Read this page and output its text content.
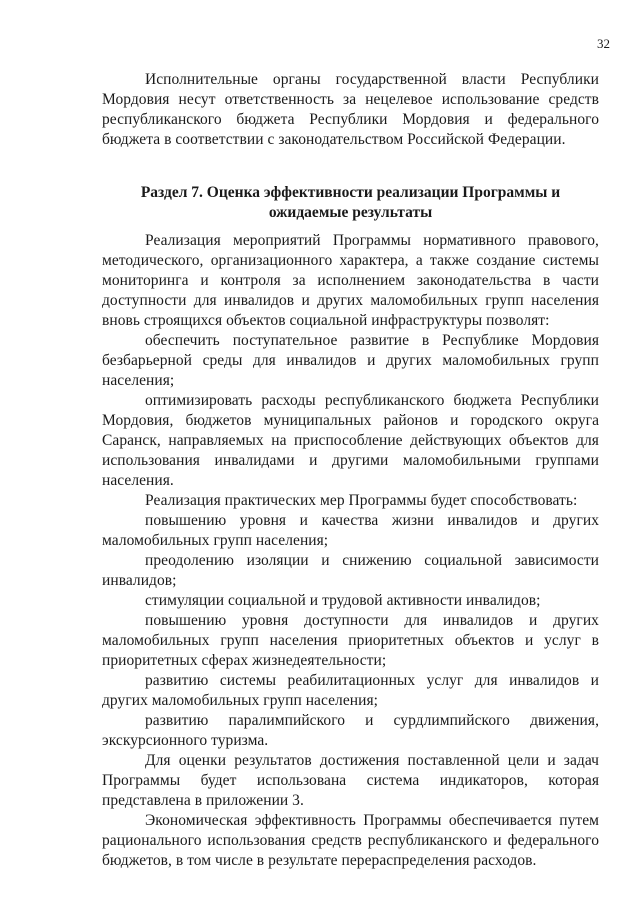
32
Исполнительные органы государственной власти Республики Мордовия несут ответственность за нецелевое использование средств республиканского бюджета Республики Мордовия и федерального бюджета в соответствии с законодательством Российской Федерации.
Раздел 7. Оценка эффективности реализации Программы и
ожидаемые результаты
Реализация мероприятий Программы нормативного правового, методического, организационного характера, а также создание системы мониторинга и контроля за исполнением законодательства в части доступности для инвалидов и других маломобильных групп населения вновь строящихся объектов социальной инфраструктуры позволят:
обеспечить поступательное развитие в Республике Мордовия безбарьерной среды для инвалидов и других маломобильных групп населения;
оптимизировать расходы республиканского бюджета Республики Мордовия, бюджетов муниципальных районов и городского округа Саранск, направляемых на приспособление действующих объектов для использования инвалидами и другими маломобильными группами населения.
Реализация практических мер Программы будет способствовать:
повышению уровня и качества жизни инвалидов и других маломобильных групп населения;
преодолению изоляции и снижению социальной зависимости инвалидов;
стимуляции социальной и трудовой активности инвалидов;
повышению уровня доступности для инвалидов и других маломобильных групп населения приоритетных объектов и услуг в приоритетных сферах жизнедеятельности;
развитию системы реабилитационных услуг для инвалидов и других маломобильных групп населения;
развитию паралимпийского и сурдлимпийского движения, экскурсионного туризма.
Для оценки результатов достижения поставленной цели и задач Программы будет использована система индикаторов, которая представлена в приложении 3.
Экономическая эффективность Программы обеспечивается путем рационального использования средств республиканского и федерального бюджетов, в том числе в результате перераспределения расходов.
